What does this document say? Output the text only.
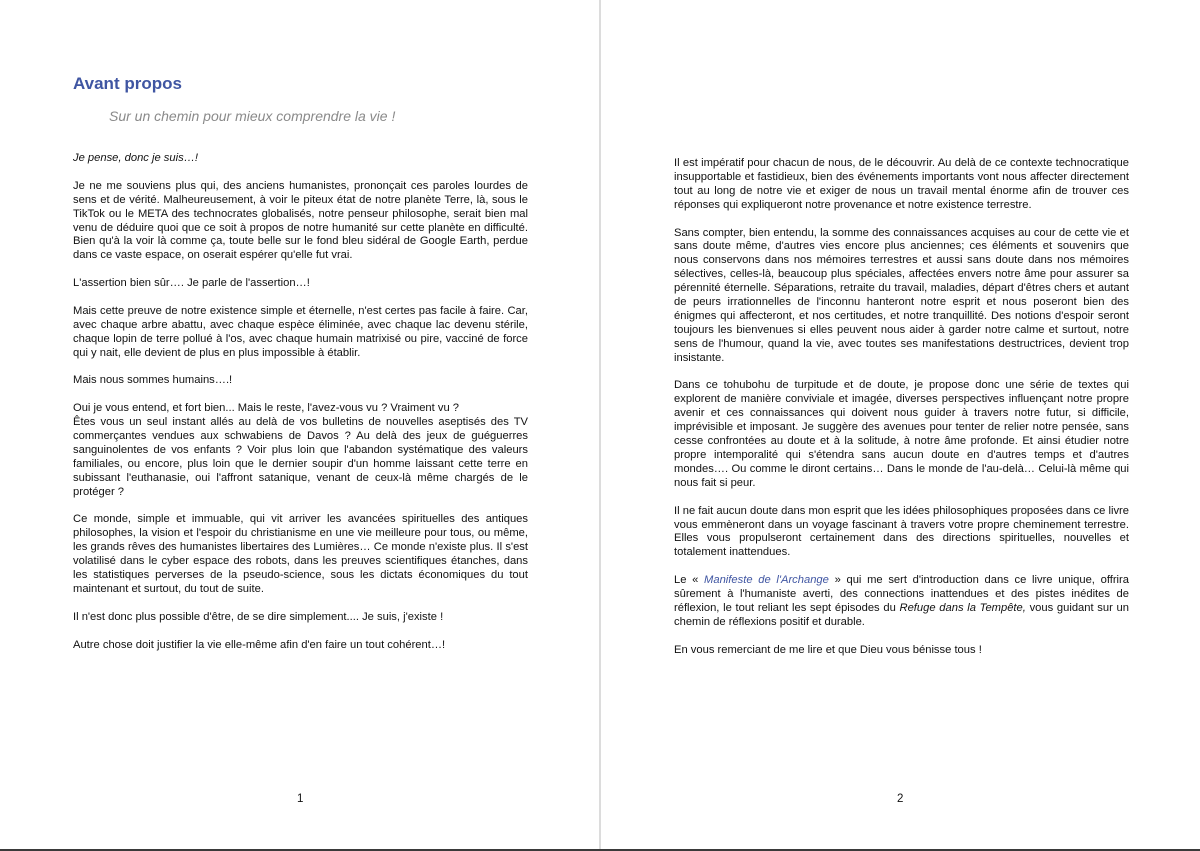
Avant propos

Sur un chemin pour mieux comprendre la vie !

Je pense, donc je suis…!

Je ne me souviens plus qui, des anciens humanistes, prononçait ces paroles lourdes de sens et de vérité. Malheureusement, à voir le piteux état de notre planète Terre, là, sous le TikTok ou le META des technocrates globalisés, notre penseur philosophe, serait bien mal venu de déduire quoi que ce soit à propos de notre humanité sur cette planète en difficulté. Bien qu'à la voir là comme ça, toute belle sur le fond bleu sidéral de Google Earth, perdue dans ce vaste espace, on oserait espérer qu'elle fut vrai.

L'assertion bien sûr…. Je parle de l'assertion…!

Mais cette preuve de notre existence simple et éternelle, n'est certes pas facile à faire. Car, avec chaque arbre abattu, avec chaque espèce éliminée, avec chaque lac devenu stérile, chaque lopin de terre pollué à l'os, avec chaque humain matrixisé ou pire, vacciné de force qui y nait, elle devient de plus en plus impossible à établir.

Mais nous sommes humains….!

Oui je vous entend, et fort bien... Mais le reste, l'avez-vous vu ? Vraiment vu ?

Êtes vous un seul instant allés au delà de vos bulletins de nouvelles aseptisés des TV commerçantes vendues aux schwabiens de Davos ? Au delà des jeux de guéguerres sanguinolentes de vos enfants ? Voir plus loin que l'abandon systématique des valeurs familiales, ou encore, plus loin que le dernier soupir d'un homme laissant cette terre en subissant l'euthanasie, oui l'affront satanique, venant de ceux-là même chargés de le protéger ?

Ce monde, simple et immuable, qui vit arriver les avancées spirituelles des antiques philosophes, la vision et l'espoir du christianisme en une vie meilleure pour tous, ou même, les grands rêves des humanistes libertaires des Lumières… Ce monde n'existe plus. Il s'est volatilisé dans le cyber espace des robots, dans les preuves scientifiques étanches, dans les statistiques perverses de la pseudo-science, sous les dictats économiques du tout maintenant et surtout, du tout de suite.

Il n'est donc plus possible d'être, de se dire simplement.... Je suis, j'existe !

Autre chose doit justifier la vie elle-même afin d'en faire un tout cohérent…!

1

Il est impératif pour chacun de nous, de le découvrir. Au delà de ce contexte technocratique insupportable et fastidieux, bien des événements importants vont nous affecter directement tout au long de notre vie et exiger de nous un travail mental énorme afin de trouver ces réponses qui expliqueront notre provenance et notre existence terrestre.

Sans compter, bien entendu, la somme des connaissances acquises au cour de cette vie et sans doute même, d'autres vies encore plus anciennes; ces éléments et souvenirs que nous conservons dans nos mémoires terrestres et aussi sans doute dans nos mémoires sélectives, celles-là, beaucoup plus spéciales, affectées envers notre âme pour assurer sa pérennité éternelle. Séparations, retraite du travail, maladies, départ d'êtres chers et autant de peurs irrationnelles de l'inconnu hanteront notre esprit et nous poseront bien des énigmes qui affecteront, et nos certitudes, et notre tranquillité. Des notions d'espoir seront toujours les bienvenues si elles peuvent nous aider à garder notre calme et surtout, notre sens de l'humour, quand la vie, avec toutes ses manifestations destructrices, devient trop insistante.

Dans ce tohubohu de turpitude et de doute, je propose donc une série de textes qui explorent de manière conviviale et imagée, diverses perspectives influençant notre propre avenir et ces connaissances qui doivent nous guider à travers notre futur, si difficile, imprévisible et imposant. Je suggère des avenues pour tenter de relier notre pensée, sans cesse confrontées au doute et à la solitude, à notre âme profonde. Et ainsi étudier notre propre intemporalité qui s'étendra sans aucun doute en d'autres temps et d'autres mondes…. Ou comme le diront certains… Dans le monde de l'au-delà… Celui-là même qui nous fait si peur.

Il ne fait aucun doute dans mon esprit que les idées philosophiques proposées dans ce livre vous emmèneront dans un voyage fascinant à travers votre propre cheminement terrestre. Elles vous propulseront certainement dans des directions spirituelles, nouvelles et totalement inattendues.

Le « Manifeste de l'Archange » qui me sert d'introduction dans ce livre unique, offrira sûrement à l'humaniste averti, des connections inattendues et des pistes inédites de réflexion, le tout reliant les sept épisodes du Refuge dans la Tempête, vous guidant sur un chemin de réflexions positif et durable.

En vous remerciant de me lire et que Dieu vous bénisse tous !

2
